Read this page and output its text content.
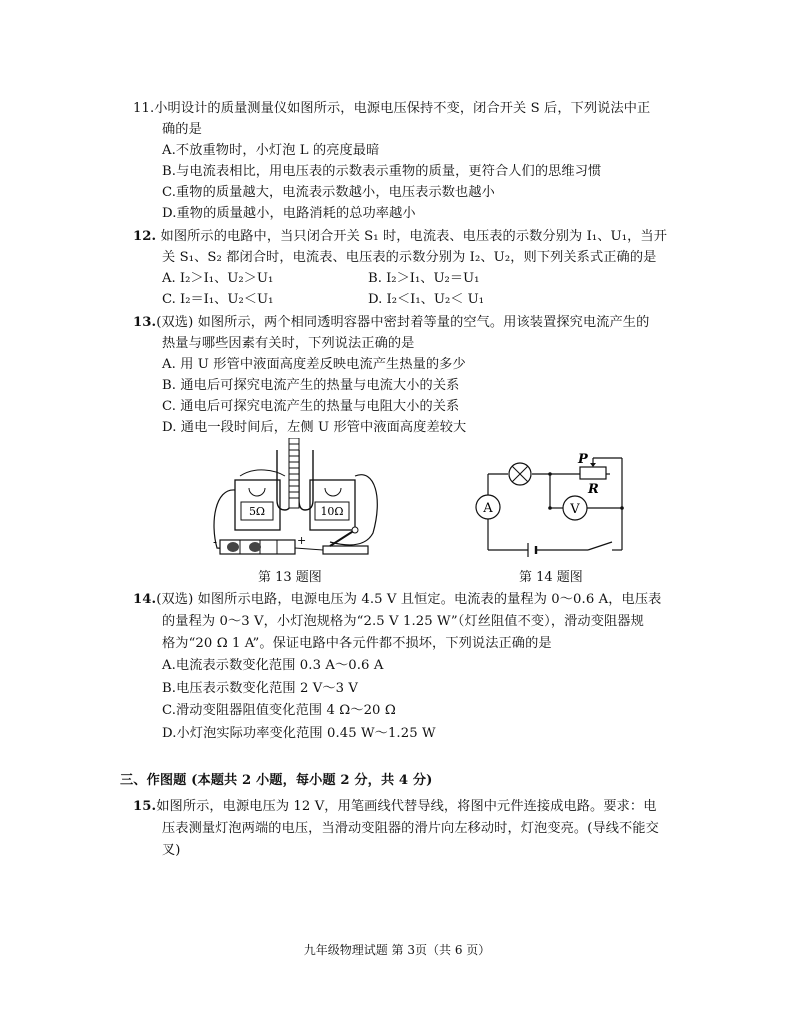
11.小明设计的质量测量仪如图所示，电源电压保持不变，闭合开关 S 后，下列说法中正
确的是
A.不放重物时，小灯泡 L 的亮度最暗
B.与电流表相比，用电压表的示数表示重物的质量，更符合人们的思维习惯
C.重物的质量越大，电流表示数越小，电压表示数也越小
D.重物的质量越小，电路消耗的总功率越小
12. 如图所示的电路中，当只闭合开关 S₁ 时，电流表、电压表的示数分别为 I₁、U₁，当开
关 S₁、S₂ 都闭合时，电流表、电压表的示数分别为 I₂、U₂，则下列关系式正确的是
A. I₂＞I₁、U₂＞U₁	B. I₂＞I₁、U₂＝U₁
C. I₂＝I₁、U₂＜U₁	D. I₂＜I₁、U₂＜ U₁
13.(双选) 如图所示，两个相同透明容器中密封着等量的空气。用该装置探究电流产生的
热量与哪些因素有关时，下列说法正确的是
A. 用 U 形管中液面高度差反映电流产生热量的多少
B. 通电后可探究电流产生的热量与电流大小的关系
C. 通电后可探究电流产生的热量与电阻大小的关系
D. 通电一段时间后，左侧 U 形管中液面高度差较大
5Ω	10Ω
-	+
第 13 题图
A
P
R
V
第 14 题图
14.(双选) 如图所示电路，电源电压为 4.5 V 且恒定。电流表的量程为 0～0.6 A，电压表
的量程为 0～3 V，小灯泡规格为“2.5 V 1.25 W”（灯丝阻值不变），滑动变阻器规
格为“20 Ω 1 A”。保证电路中各元件都不损坏，下列说法正确的是
A.电流表示数变化范围 0.3 A～0.6 A
B.电压表示数变化范围 2 V～3 V
C.滑动变阻器阻值变化范围 4 Ω～20 Ω
D.小灯泡实际功率变化范围 0.45 W～1.25 W
三、作图题 (本题共 2 小题，每小题 2 分，共 4 分)
15.如图所示，电源电压为 12 V，用笔画线代替导线，将图中元件连接成电路。要求：电
压表测量灯泡两端的电压，当滑动变阻器的滑片向左移动时，灯泡变亮。(导线不能交
叉)
九年级物理试题 第 3页（共 6 页）
